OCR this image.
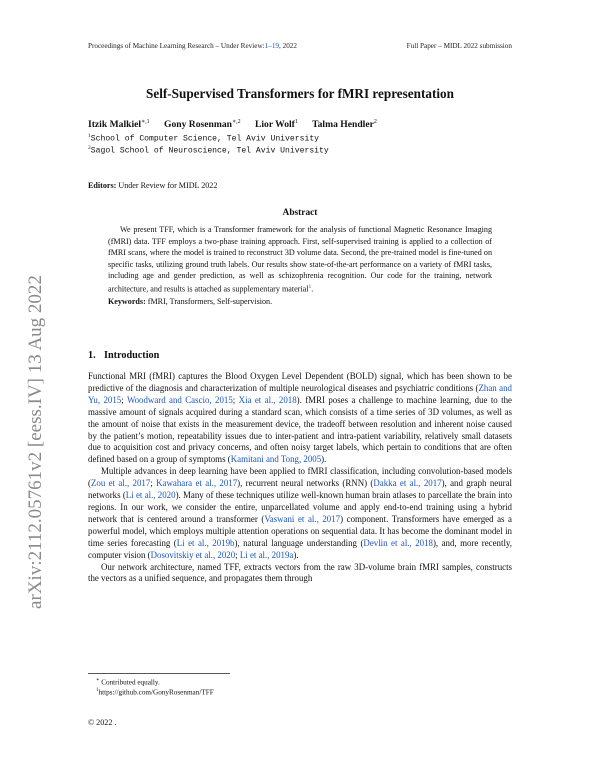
Proceedings of Machine Learning Research – Under Review:1–19, 2022	Full Paper – MIDL 2022 submission
Self-Supervised Transformers for fMRI representation
Itzik Malkiel$^{∗,1}$ Gony Rosenman$^{∗,2}$ Lior Wolf$^1$ Talma Hendler$^2$
$^1$School of Computer Science, Tel Aviv University
$^2$Sagol School of Neuroscience, Tel Aviv University
Editors: Under Review for MIDL 2022
Abstract
We present TFF, which is a Transformer framework for the analysis of functional Magnetic Resonance Imaging (fMRI) data. TFF employs a two-phase training approach. First, self-supervised training is applied to a collection of fMRI scans, where the model is trained to reconstruct 3D volume data. Second, the pre-trained model is fine-tuned on specific tasks, utilizing ground truth labels. Our results show state-of-the-art performance on a variety of fMRI tasks, including age and gender prediction, as well as schizophrenia recognition. Our code for the training, network architecture, and results is attached as supplementary material$^1$.
Keywords: fMRI, Transformers, Self-supervision.
1. Introduction

Functional MRI (fMRI) captures the Blood Oxygen Level Dependent (BOLD) signal, which has been shown to be predictive of the diagnosis and characterization of multiple neurological diseases and psychiatric conditions (Zhan and Yu, 2015; Woodward and Cascio, 2015; Xia et al., 2018). fMRI poses a challenge to machine learning, due to the massive amount of signals acquired during a standard scan, which consists of a time series of 3D volumes, as well as the amount of noise that exists in the measurement device, the tradeoff between resolution and inherent noise caused by the patient’s motion, repeatability issues due to inter-patient and intra-patient variability, relatively small datasets due to acquisition cost and privacy concerns, and often noisy target labels, which pertain to conditions that are often defined based on a group of symptoms (Kamitani and Tong, 2005).

Multiple advances in deep learning have been applied to fMRI classification, including convolution-based models (Zou et al., 2017; Kawahara et al., 2017), recurrent neural networks (RNN) (Dakka et al., 2017), and graph neural networks (Li et al., 2020). Many of these techniques utilize well-known human brain atlases to parcellate the brain into regions. In our work, we consider the entire, unparcellated volume and apply end-to-end training using a hybrid network that is centered around a transformer (Vaswani et al., 2017) component. Transformers have emerged as a powerful model, which employs multiple attention operations on sequential data. It has become the dominant model in time series forecasting (Li et al., 2019b), natural language understanding (Devlin et al., 2018), and, more recently, computer vision (Dosovitskiy et al., 2020; Li et al., 2019a).

Our network architecture, named TFF, extracts vectors from the raw 3D-volume brain fMRI samples, constructs the vectors as a unified sequence, and propagates them through

∗ Contributed equally.
$^1$https://github.com/GonyRosenman/TFF
© 2022 .
arXiv:2112.05761v2 [eess.IV] 13 Aug 2022
